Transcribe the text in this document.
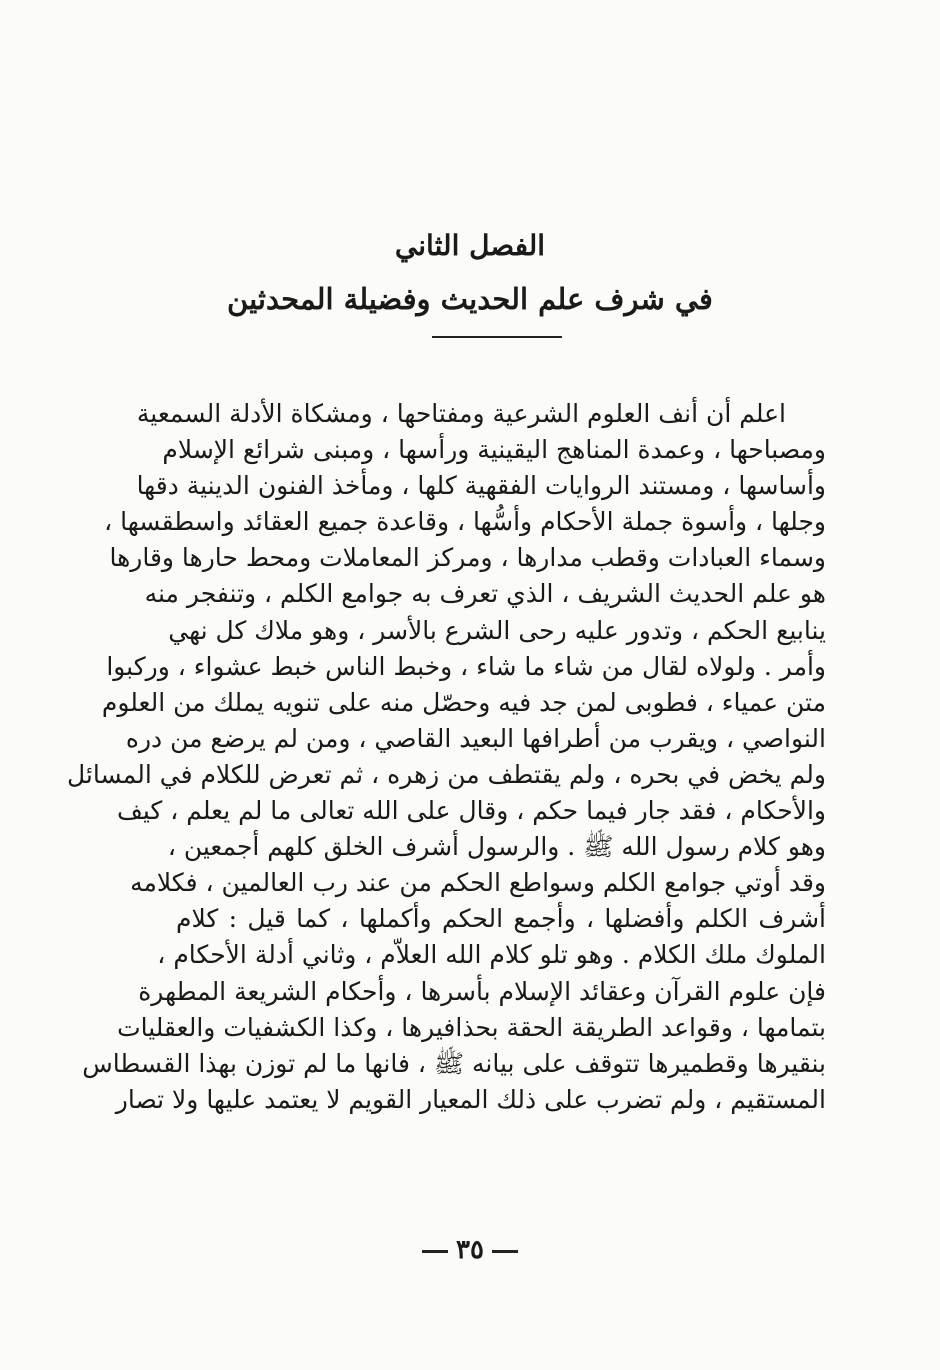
الفصل الثاني
في شرف علم الحديث وفضيلة المحدثين
اعلم أن أنف العلوم الشرعية ومفتاحها ، ومشكاة الأدلة السمعية
ومصباحها ، وعمدة المناهج اليقينية ورأسها ، ومبنى شرائع الإسلام
وأساسها ، ومستند الروايات الفقهية كلها ، ومأخذ الفنون الدينية دقها
وجلها ، وأسوة جملة الأحكام وأسُّها ، وقاعدة جميع العقائد واسطقسها ،
وسماء العبادات وقطب مدارها ، ومركز المعاملات ومحط حارها وقارها
هو علم الحديث الشريف ، الذي تعرف به جوامع الكلم ، وتنفجر منه
ينابيع الحكم ، وتدور عليه رحى الشرع بالأسر ، وهو ملاك كل نهي
وأمر . ولولاه لقال من شاء ما شاء ، وخبط الناس خبط عشواء ، وركبوا
متن عمياء ، فطوبى لمن جد فيه وحصّل منه على تنويه يملك من العلوم
النواصي ، ويقرب من أطرافها البعيد القاصي ، ومن لم يرضع من دره
ولم يخض في بحره ، ولم يقتطف من زهره ، ثم تعرض للكلام في المسائل
والأحكام ، فقد جار فيما حكم ، وقال على الله تعالى ما لم يعلم ، كيف
وهو كلام رسول الله ﷺ . والرسول أشرف الخلق كلهم أجمعين ،
وقد أوتي جوامع الكلم وسواطع الحكم من عند رب العالمين ، فكلامه
أشرف الكلم وأفضلها ، وأجمع الحكم وأكملها ، كما قيل : كلام
الملوك ملك الكلام . وهو تلو كلام الله العلاّم ، وثاني أدلة الأحكام ،
فإن علوم القرآن وعقائد الإسلام بأسرها ، وأحكام الشريعة المطهرة
بتمامها ، وقواعد الطريقة الحقة بحذافيرها ، وكذا الكشفيات والعقليات
بنقيرها وقطميرها تتوقف على بيانه ﷺ ، فانها ما لم توزن بهذا القسطاس
المستقيم ، ولم تضرب على ذلك المعيار القويم لا يعتمد عليها ولا تصار
٣٥
